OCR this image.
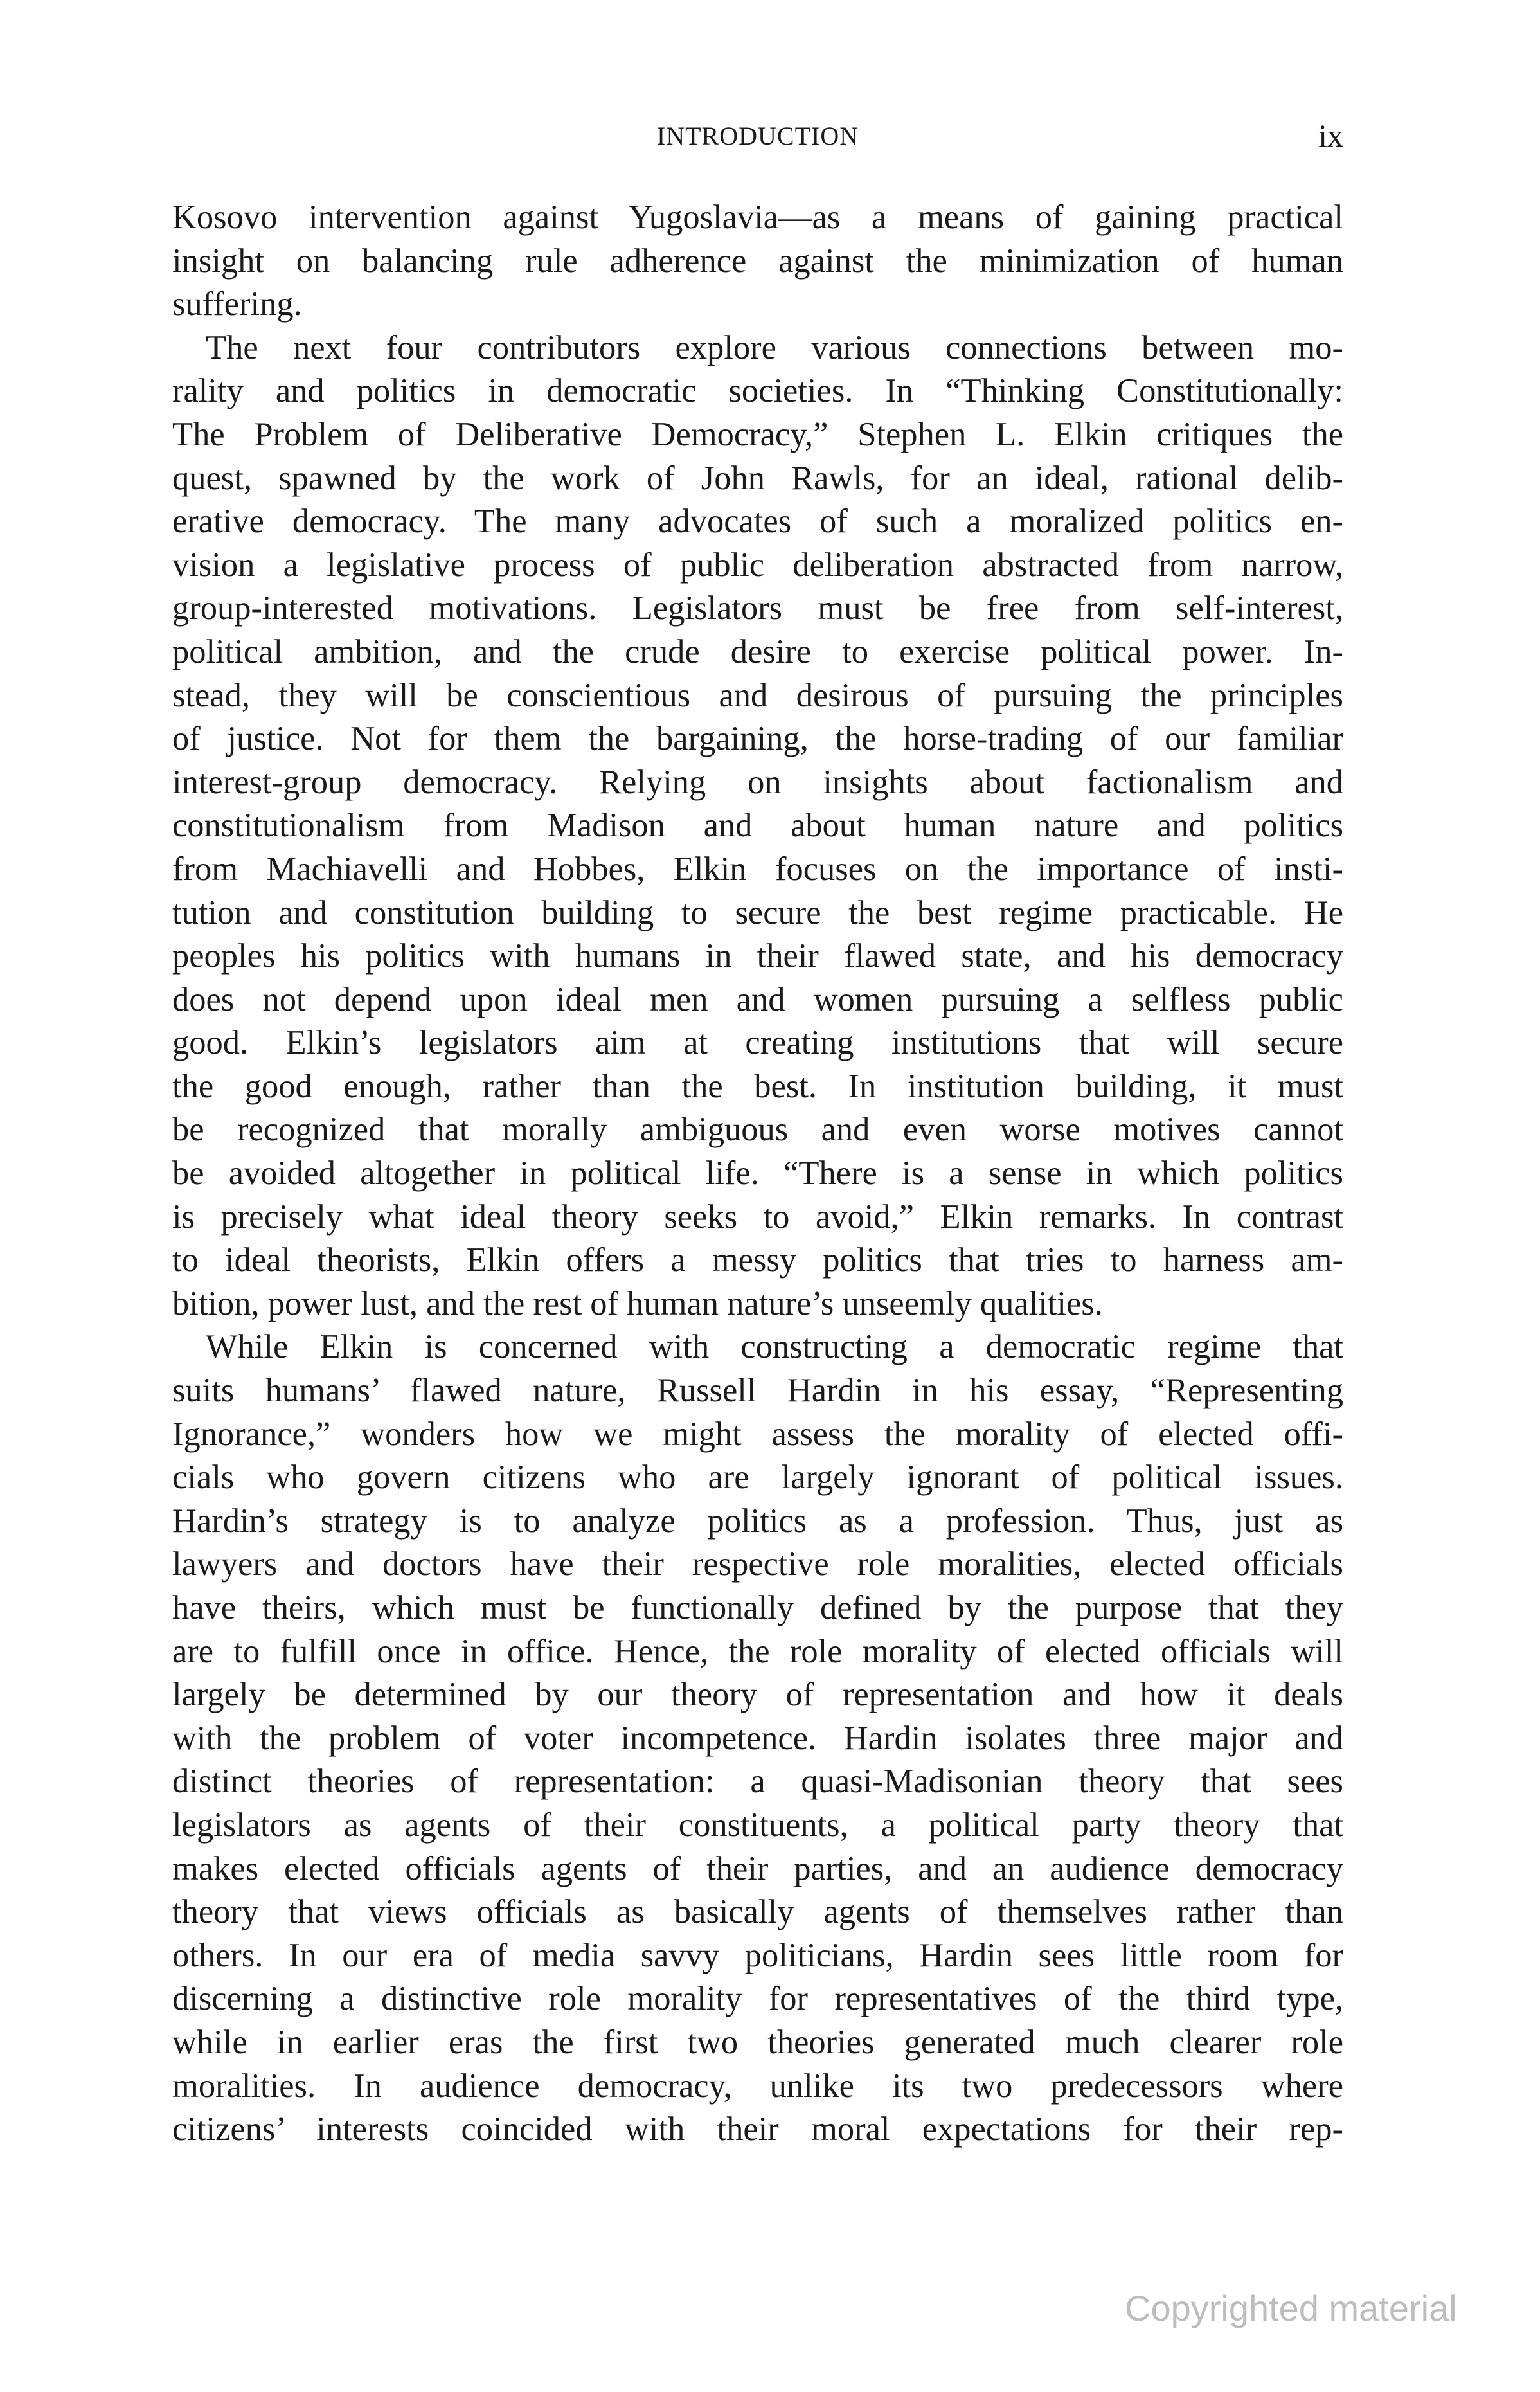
INTRODUCTION	ix
Kosovo intervention against Yugoslavia—as a means of gaining practical
insight on balancing rule adherence against the minimization of human
suffering.
The next four contributors explore various connections between mo-
rality and politics in democratic societies. In “Thinking Constitutionally:
The Problem of Deliberative Democracy,” Stephen L. Elkin critiques the
quest, spawned by the work of John Rawls, for an ideal, rational delib-
erative democracy. The many advocates of such a moralized politics en-
vision a legislative process of public deliberation abstracted from narrow,
group-interested motivations. Legislators must be free from self-interest,
political ambition, and the crude desire to exercise political power. In-
stead, they will be conscientious and desirous of pursuing the principles
of justice. Not for them the bargaining, the horse-trading of our familiar
interest-group democracy. Relying on insights about factionalism and
constitutionalism from Madison and about human nature and politics
from Machiavelli and Hobbes, Elkin focuses on the importance of insti-
tution and constitution building to secure the best regime practicable. He
peoples his politics with humans in their flawed state, and his democracy
does not depend upon ideal men and women pursuing a selfless public
good. Elkin’s legislators aim at creating institutions that will secure
the good enough, rather than the best. In institution building, it must
be recognized that morally ambiguous and even worse motives cannot
be avoided altogether in political life. “There is a sense in which politics
is precisely what ideal theory seeks to avoid,” Elkin remarks. In contrast
to ideal theorists, Elkin offers a messy politics that tries to harness am-
bition, power lust, and the rest of human nature’s unseemly qualities.
While Elkin is concerned with constructing a democratic regime that
suits humans’ flawed nature, Russell Hardin in his essay, “Representing
Ignorance,” wonders how we might assess the morality of elected offi-
cials who govern citizens who are largely ignorant of political issues.
Hardin’s strategy is to analyze politics as a profession. Thus, just as
lawyers and doctors have their respective role moralities, elected officials
have theirs, which must be functionally defined by the purpose that they
are to fulfill once in office. Hence, the role morality of elected officials will
largely be determined by our theory of representation and how it deals
with the problem of voter incompetence. Hardin isolates three major and
distinct theories of representation: a quasi-Madisonian theory that sees
legislators as agents of their constituents, a political party theory that
makes elected officials agents of their parties, and an audience democracy
theory that views officials as basically agents of themselves rather than
others. In our era of media savvy politicians, Hardin sees little room for
discerning a distinctive role morality for representatives of the third type,
while in earlier eras the first two theories generated much clearer role
moralities. In audience democracy, unlike its two predecessors where
citizens’ interests coincided with their moral expectations for their rep-
Copyrighted material
